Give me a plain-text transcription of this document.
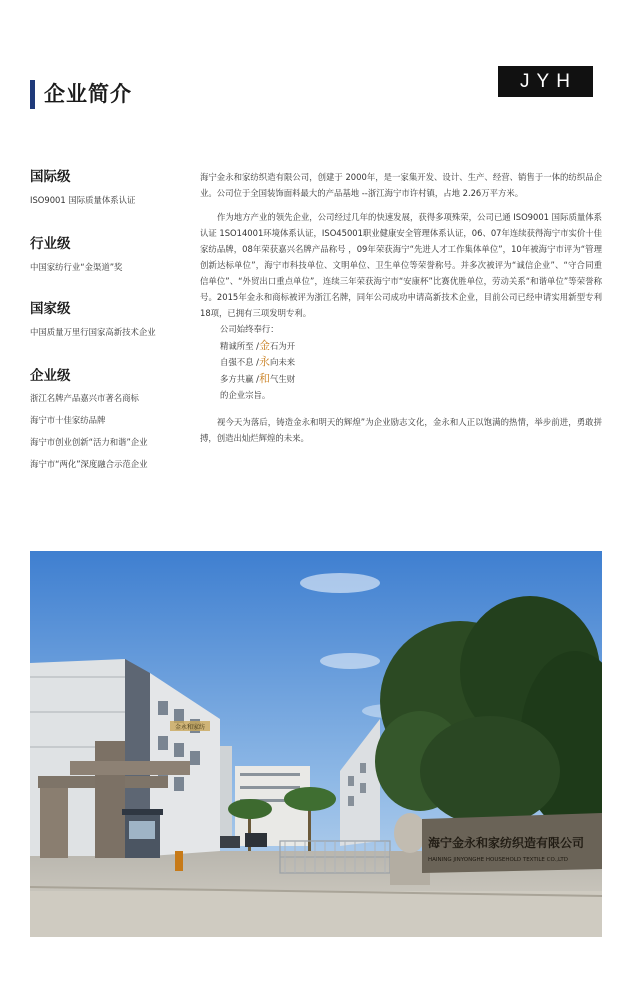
企业简介
JYH
国际级
ISO9001 国际质量体系认证
行业级
中国家纺行业“金渠道”奖
国家级
中国质量万里行国家高新技术企业
企业级
浙江名牌产品嘉兴市著名商标
海宁市十佳家纺品牌
海宁市创业创新“活力和谐”企业
海宁市“两化”深度融合示范企业

海宁金永和家纺织造有限公司，创建于 2000年，是一家集开发、设计、生产、经营、销售于一体的纺织品企业。公司位于全国装饰面料最大的产品基地 --浙江海宁市许村镇，占地 2.26万平方米。

作为地方产业的领先企业，公司经过几年的快速发展，获得多项殊荣，公司已通 ISO9001 国际质量体系认证 1SO14001环境体系认证，ISO45001职业健康安全管理体系认证，06、07年连续获得海宁市实价十佳家纺品牌，08年荣获嘉兴名牌产品称号 ，09年荣获海宁“先进人才工作集体单位”，10年被海宁市评为“管理创新达标单位”，海宁市科技单位、文明单位、卫生单位等荣誉称号。并多次被评为“诚信企业”、“守合同重信单位”、“外贸出口重点单位”，连续三年荣获海宁市“安康杯”比赛优胜单位，劳动关系“和谐单位”等荣誉称号。2015年金永和商标被评为浙江名牌，同年公司成功申请高新技术企业，目前公司已经申请实用新型专利 18项，已拥有三项发明专利。

公司始终奉行：
精诚所至 /金石为开
自强不息 /永向未来
多方共赢 /和气生财
的企业宗旨。

视今天为落后，铸造金永和明天的辉煌”为企业励志文化，金永和人正以饱满的热情，举步前进，勇敢拼搏，创造出灿烂辉煌的未来。

金永和家纺
海宁金永和家纺织造有限公司
HAINING JINYONGHE HOUSEHOLD TEXTILE CO.,LTD
